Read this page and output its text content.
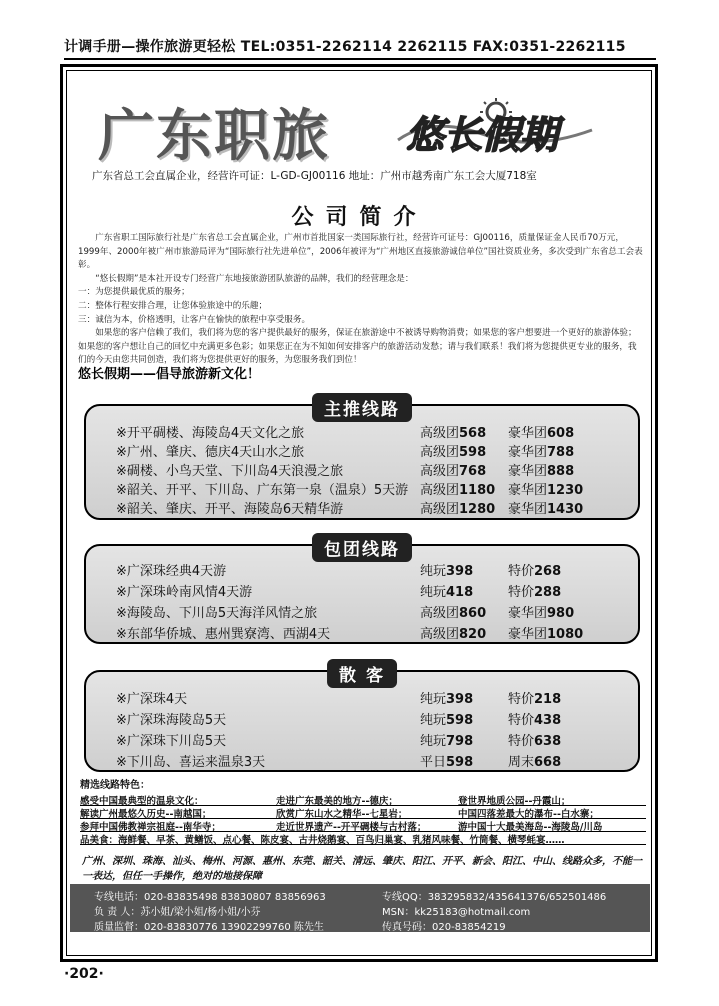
计调手册—操作旅游更轻松 TEL:0351-2262114 2262115 FAX:0351-2262115
广东职旅 悠长假期
广东省总工会直属企业，经营许可证：L-GD-GJ00116 地址：广州市越秀南广东工会大厦718室
公司简介

广东省职工国际旅行社是广东省总工会直属企业，广州市首批国家一类国际旅行社，经营许可证号：GJ00116，质量保证金人民币70万元，1999年、2000年被广州市旅游局评为“国际旅行社先进单位”，2006年被评为“广州地区直接旅游诚信单位”国社资质业务，多次受到广东省总工会表彰。

“悠长假期”是本社开设专门经营广东地接旅游团队旅游的品牌，我们的经营理念是：

一：为您提供最优质的服务；

二：整体行程安排合理，让您体验旅途中的乐趣；

三：诚信为本，价格透明，让客户在愉快的旅程中享受服务。

如果您的客户信赖了我们，我们将为您的客户提供最好的服务，保证在旅游途中不被诱导购物消费；如果您的客户想要进一个更好的旅游体验；如果您的客户想让自己的回忆中充满更多色彩；如果您正在为不知如何安排客户的旅游活动发愁；请与我们联系！我们将为您提供更专业的服务，我们的今天由您共同创造，我们将为您提供更好的服务，为您服务我们到位！

悠长假期——倡导旅游新文化！

主推线路
※开平碉楼、海陵岛4天文化之旅	高级团568 豪华团608
※广州、肇庆、德庆4天山水之旅	高级团598 豪华团788
※碉楼、小鸟天堂、下川岛4天浪漫之旅	高级团768 豪华团888
※韶关、开平、下川岛、广东第一泉（温泉）5天游 高级团1180 豪华团1230
※韶关、肇庆、开平、海陵岛6天精华游	高级团1280 豪华团1430
包团线路
※广深珠经典4天游	纯玩398	特价268
※广深珠岭南风情4天游	纯玩418	特价288
※海陵岛、下川岛5天海洋风情之旅	高级团860 豪华团980
※东部华侨城、惠州巽寮湾、西湖4天	高级团820 豪华团1080
散 客
※广深珠4天	纯玩398	特价218
※广深珠海陵岛5天	纯玩598	特价438
※广深珠下川岛5天	纯玩798	特价638
※下川岛、喜运来温泉3天	平日598	周末668
精选线路特色：
感受中国最典型的温泉文化：	走进广东最美的地方--德庆；	登世界地质公园--丹霞山；
解读广州最悠久历史--南越国；	欣赏广东山水之精华--七星岩；	中国四落差最大的瀑布--白水寨；
参拜中国佛教禅宗祖庭--南华寺；	走近世界遗产--开平碉楼与古村落；	游中国十大最美海岛--海陵岛/川岛
品美食：海鲜餐、早茶、黄鳝饭、点心餐、陈皮宴、古井烧鹅宴、百鸟归巢宴、乳猪风味餐、竹筒餐、横琴蚝宴……
广州、深圳、珠海、汕头、梅州、河源、惠州、东莞、韶关、清远、肇庆、阳江、开平、新会、阳江、中山、线路众多，不能一一表达，但任一手操作，绝对的地接保障
专线电话：020-83835498 83830807 83856963	专线QQ：383295832/435641376/652501486
负 责 人：苏小姐/梁小姐/杨小姐/小芬	MSN：kk25183@hotmail.com
质量监督：020-83830776 13902299760 陈先生	传真号码：020-83854219
·202·
